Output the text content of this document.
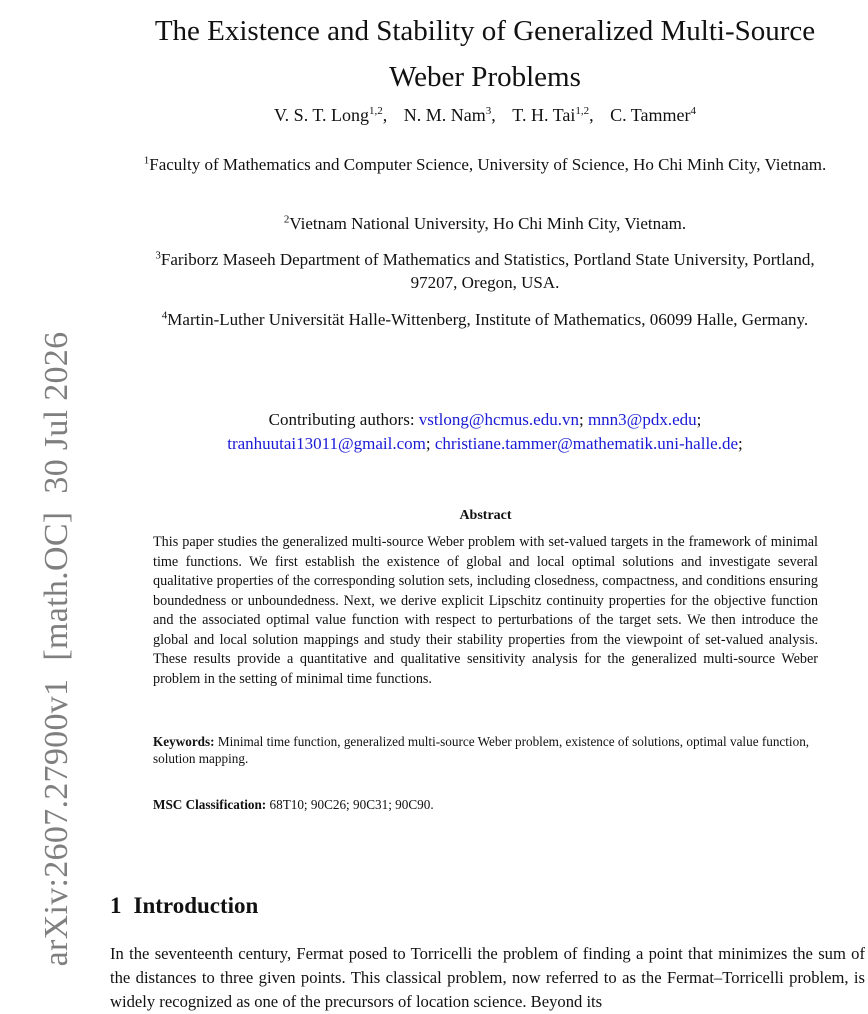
arXiv:2607.27900v1[math.OC]30 Jul 2026
The Existence and Stability of Generalized Multi-Source Weber Problems
V. S. T. Long$^{1,2}$, N. M. Nam$^3$, T. H. Tai$^{1,2}$, C. Tammer$^4$
$^1$Faculty of Mathematics and Computer Science, University of Science, Ho Chi Minh City, Vietnam.
$^2$Vietnam National University, Ho Chi Minh City, Vietnam.
$^3$Fariborz Maseeh Department of Mathematics and Statistics, Portland State University, Portland, 97207, Oregon, USA.
$^4$Martin-Luther Universität Halle-Wittenberg, Institute of Mathematics, 06099 Halle, Germany.
Contributing authors: vstlong@hcmus.edu.vn; mnn3@pdx.edu;
tranhuutai13011@gmail.com; christiane.tammer@mathematik.uni-halle.de;
Abstract

This paper studies the generalized multi-source Weber problem with set-valued targets in the framework of minimal time functions. We first establish the existence of global and local optimal solutions and investigate several qualitative properties of the corresponding solution sets, including closedness, compactness, and conditions ensuring boundedness or unboundedness. Next, we derive explicit Lipschitz continuity properties for the objective function and the associated optimal value function with respect to perturbations of the target sets. We then introduce the global and local solution mappings and study their stability properties from the viewpoint of set-valued analysis. These results provide a quantitative and qualitative sensitivity analysis for the generalized multi-source Weber problem in the setting of minimal time functions.

Keywords: Minimal time function, generalized multi-source Weber problem, existence of solutions, optimal value function, solution mapping.
MSC Classification: 68T10; 90C26; 90C31; 90C90.
1 Introduction

In the seventeenth century, Fermat posed to Torricelli the problem of finding a point that minimizes the sum of the distances to three given points. This classical problem, now referred to as the Fermat–Torricelli problem, is widely recognized as one of the precursors of location science. Beyond its
